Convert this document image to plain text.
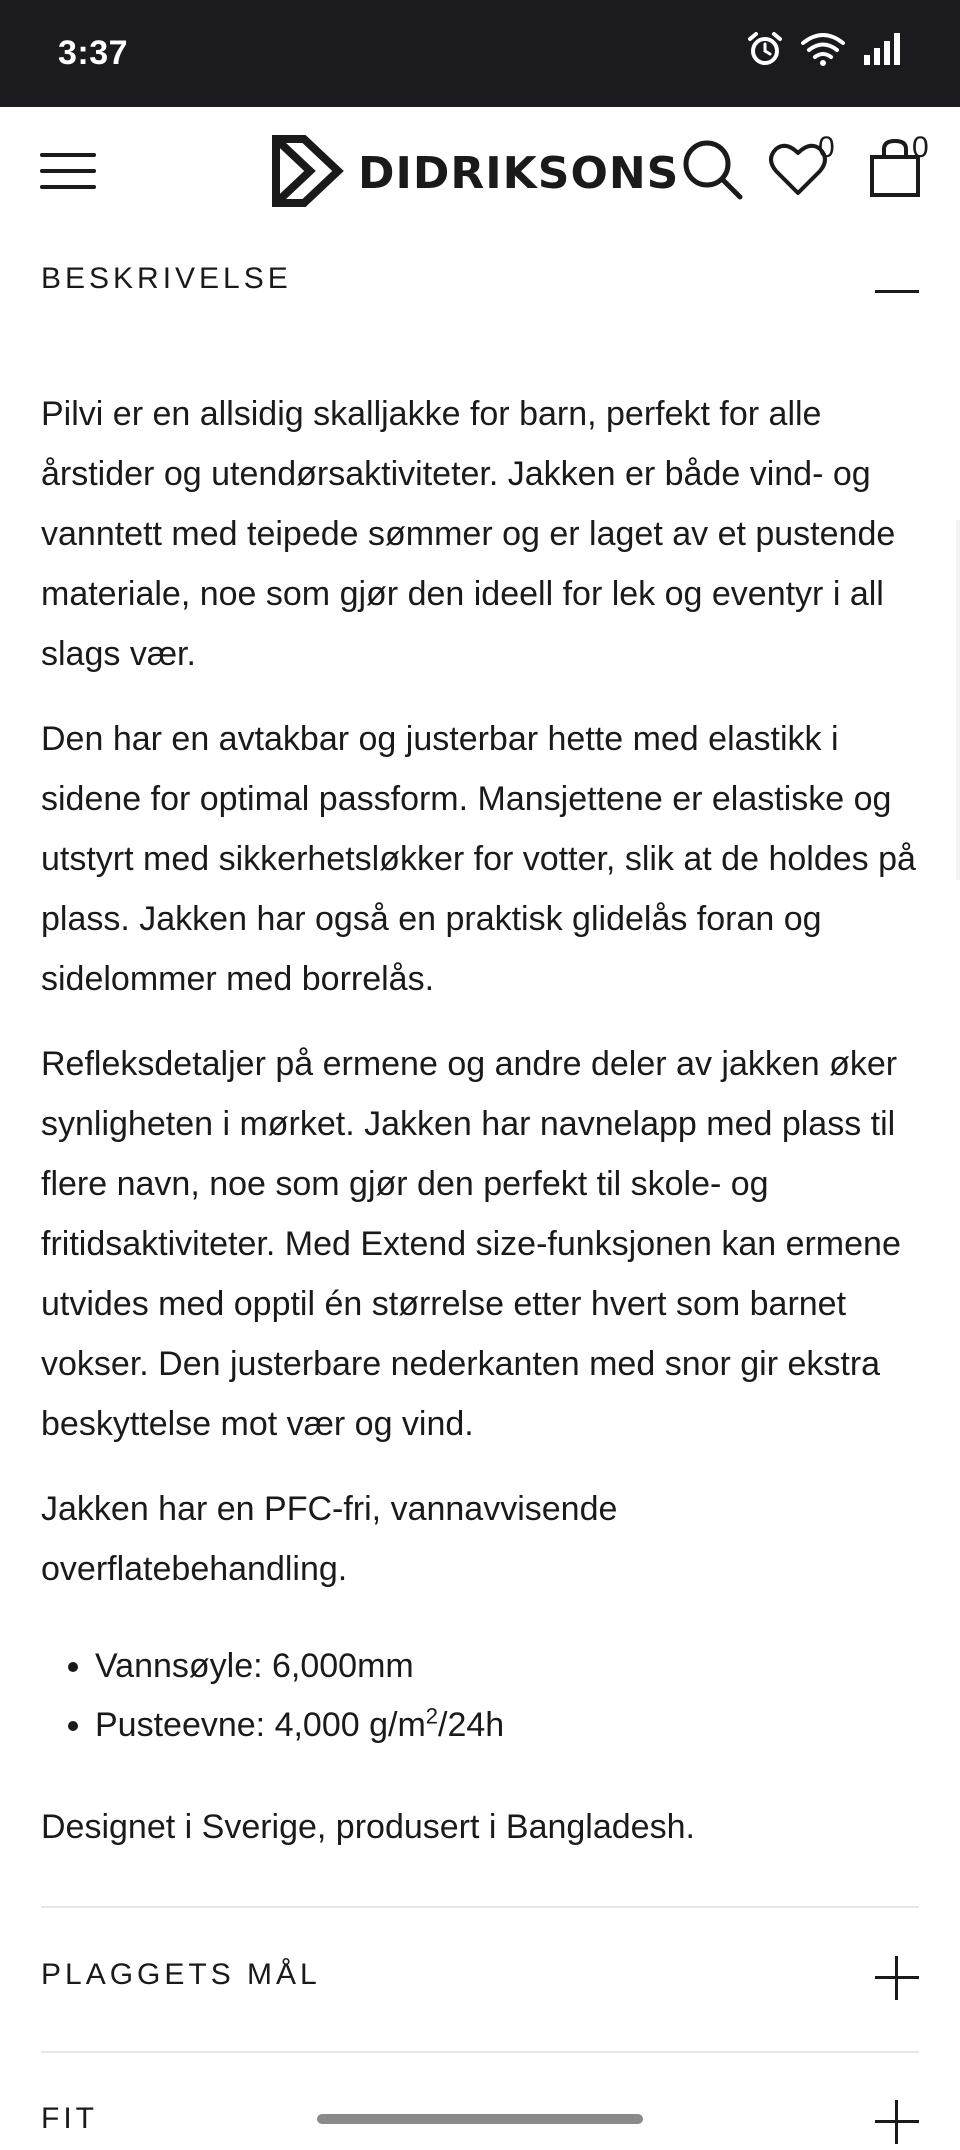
3:37
DIDRIKSONS
0	0
BESKRIVELSE

Pilvi er en allsidig skalljakke for barn, perfekt for alle årstider og utendørsaktiviteter. Jakken er både vind- og vanntett med teipede sømmer og er laget av et pustende materiale, noe som gjør den ideell for lek og eventyr i all slags vær.

Den har en avtakbar og justerbar hette med elastikk i sidene for optimal passform. Mansjettene er elastiske og utstyrt med sikkerhetsløkker for votter, slik at de holdes på plass. Jakken har også en praktisk glidelås foran og sidelommer med borrelås.

Refleksdetaljer på ermene og andre deler av jakken øker synligheten i mørket. Jakken har navnelapp med plass til flere navn, noe som gjør den perfekt til skole- og fritidsaktiviteter. Med Extend size-funksjonen kan ermene utvides med opptil én størrelse etter hvert som barnet vokser. Den justerbare nederkanten med snor gir ekstra beskyttelse mot vær og vind.

Jakken har en PFC-fri, vannavvisende overflatebehandling.

• Vannsøyle: 6,000mm
• Pusteevne: 4,000 $g/m^2/24h$

Designet i Sverige, produsert i Bangladesh.

PLAGGETS MÅL
FIT
